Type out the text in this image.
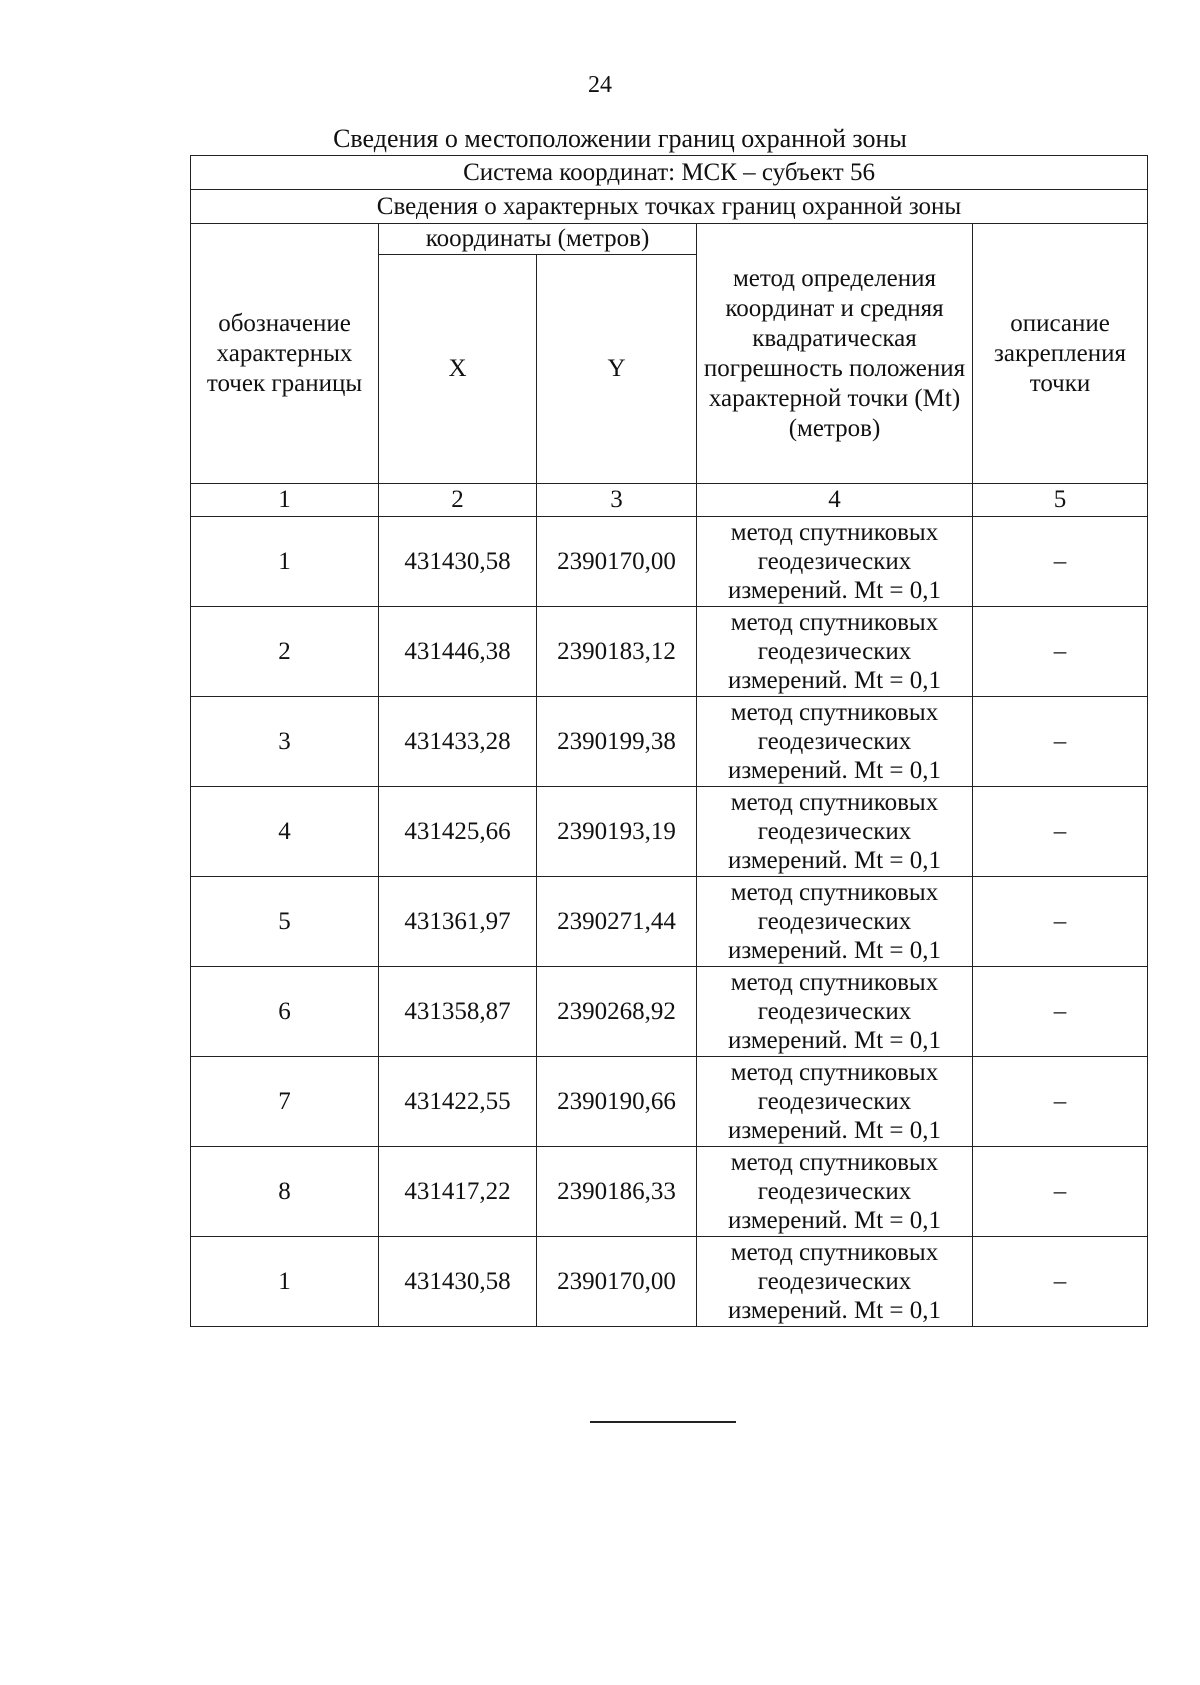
24
Сведения о местоположении границ охранной зоны
Система координат: МСК – субъект 56				
Сведения о характерных точках границ охранной зоны				
обозначение характерных точек границы	координаты (метров)		метод определения координат и средняя квадратическая погрешность положения характерной точки (Mt) (метров)	описание закрепления точки
	X	Y		
1	2	3	4	5
1	431430,58	2390170,00	метод спутниковых геодезических измерений. Mt = 0,1	–
2	431446,38	2390183,12	метод спутниковых геодезических измерений. Mt = 0,1	–
3	431433,28	2390199,38	метод спутниковых геодезических измерений. Mt = 0,1	–
4	431425,66	2390193,19	метод спутниковых геодезических измерений. Mt = 0,1	–
5	431361,97	2390271,44	метод спутниковых геодезических измерений. Mt = 0,1	–
6	431358,87	2390268,92	метод спутниковых геодезических измерений. Mt = 0,1	–
7	431422,55	2390190,66	метод спутниковых геодезических измерений. Mt = 0,1	–
8	431417,22	2390186,33	метод спутниковых геодезических измерений. Mt = 0,1	–
1	431430,58	2390170,00	метод спутниковых геодезических измерений. Mt = 0,1	–
